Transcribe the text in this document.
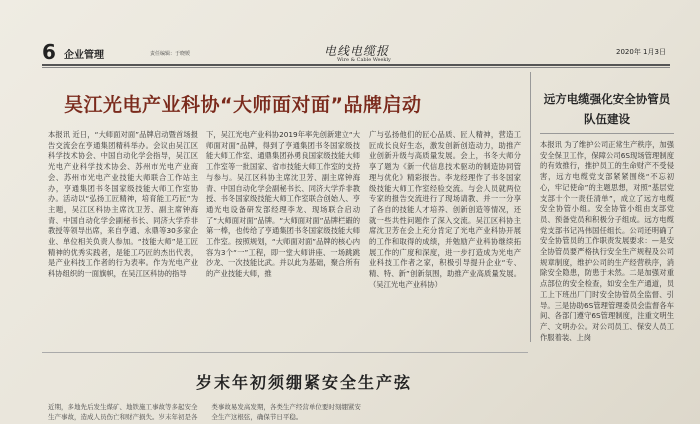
6 企业管理	责任编辑：于晓媛	电线电缆报
Wire & Cable Weekly
2020年 1月3日
吴江光电产业科协“大师面对面”品牌启动
本报讯 近日，“大师面对面”品牌启动暨首场报告交流会在亨通集团精科举办。会议由吴江区科学技术协会、中国自动化学会指导，吴江区光电产业科学技术协会、苏州市光电产业商会、苏州市光电产业技能大师联合工作站主办，亨通集团书冬国家级技能大师工作室协办。活动以“弘扬工匠精神，培育能工巧匠”为主题，吴江区科协主席沈卫芳、副主席钟海青、中国自动化学会副秘书长、同济大学乔非教授等领导出席，来自亨通、永鼎等30多家企业、单位相关负责人参加。“技能大师”是工匠精神的优秀实践者，是能工巧匠的杰出代表，是产业科技工作者的行为表率。作为光电产业科协组织的一面旗帜，在吴江区科协的指导
下，吴江光电产业科协2019年率先创新建立“大师面对面”品牌，得到了亨通集团书冬国家级技能大师工作室、通鼎集团孙勇良国家级技能大师工作室等一批国家、省市技能大师工作室的支持与参与。吴江区科协主席沈卫芳、副主席钟海青、中国自动化学会副秘书长、同济大学乔非教授、书冬国家级技能大师工作室联合创始人、亨通光电设备研发部经理李龙、现场联合启动了“大师面对面”品牌。“大师面对面”品牌栏嘏的第一棒，也传给了亨通集团书冬国家级技能大师工作室。按照规划，“大师面对面”品牌的核心内容为3个“一”工程，即一堂大师讲座、一场跳跳沙龙、一次技能比武。并以此为基础，聚合所有的产业技能大师，推
广与弘扬他们的匠心品质、匠人精神，营造工匠成长良好生态，激发创新创造动力，助推产业创新升级与高质量发展。会上，书冬大师分享了题为《新一代信息技术驱动的制造协同管理与优化》精彩报告。李龙经理作了书冬国家级技能大师工作室经验交流。与会人员就两位专家的报告交流进行了现场请教、并一一分享了各自的技能人才培养、创新创造等情况，还就一些共性问题作了深入交流。吴江区科协主席沈卫芳在会上充分肯定了光电产业科协开展的工作和取得的成绩，并勉励产业科协继续拓展工作的广度和深度，进一步打造成为光电产业科技工作者之家，积极引导提升企业“专、精、特、新”创新氛围，助推产业高质量发展。（吴江光电产业科协）
远方电缆强化安全协管员队伍建设
本报讯 为了维护公司正常生产秩序，加强安全保卫工作，保障公司6S现场管理制度的有效推行，推护员工的生命财产不受侵害，远方电缆党支部紧紧围绕“不忘初心，牢记使命”的主题思想，对照“基层党支部十个一责任清单”，成立了远方电缆安全协管小组。安全协管小组由支部党员、预备党员和积极分子组成。远方电缆党支部书记冯伟国任组长。公司还明确了安全协管员的工作职责发展要求：—是安全协管员要严格执行安全生产规程及公司规章制度，维护公司的生产经营秩序，消除安全隐患，防患于未然。二是加强对重点部位的安全检查，如安全生产通道，员工上下班出厂门时安全协管员全监督、引导。三是协助6S管理管理委员会监督各车间、各部门遵守6S管理制度，注重文明生产、文明办公。对公司员工、保安人员工作服着装、上岗
岁末年初须绷紧安全生产弦
近期，多地先后发生煤矿、地铁施工事故等多起安全生产事故，造成人员伤亡和财产损失。岁末年初是各类事故易发高发期，各类生产经营单位要时刻绷紧安全生产这根弦，确保节日平稳。
